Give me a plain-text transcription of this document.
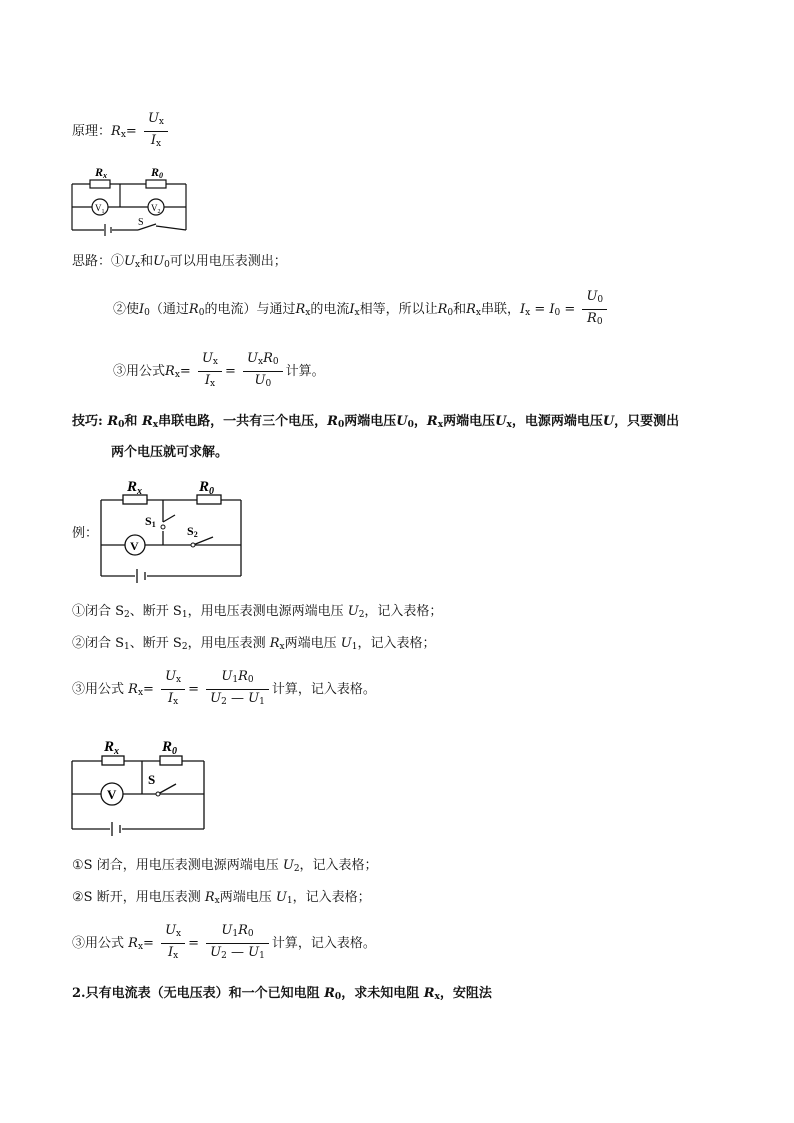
原理：$R_x= \frac{U_x}{I_x}$
Rx	R0
$V_1$	$V_2$
S
思路：$①U_x$和$U_0$可以用电压表测出；
②使$I_0$（通过$R_0$的电流）与通过$R_x$的电流$I_x$相等，所以让$R_0$和$R_x$串联，$I_x = I_0 = \frac{U_0}{R_0}$
③用公式$R_x= \frac{U_x}{I_x} = \frac{U_xR_0}{U_0}$ 计算。
技巧: $R_0$和 $R_x$串联电路，一共有三个电压，$R_0$两端电压$U_0$，$R_x$两端电压$U_x$，电源两端电压U，只要测出
两个电压就可求解。
例：
$R_x$	$R_0$
S1	S2
V
①闭合 $S_2$、断开 $S_1$，用电压表测电源两端电压 $U_2$，记入表格；
②闭合 $S_1$、断开 $S_2$，用电压表测 $R_x$两端电压 $U_1$，记入表格；
③用公式 $R_x= \frac{U_x}{I_x} = \frac{U_1R_0}{U_2 — U_1}$ 计算，记入表格。
$R_x$	$R_0$
S
V
①S 闭合，用电压表测电源两端电压 $U_2$，记入表格；
②S 断开，用电压表测 $R_x$两端电压 $U_1$，记入表格；
③用公式 $R_x= \frac{U_x}{I_x} = \frac{U_1R_0}{U_2 — U_1}$ 计算，记入表格。
2.只有电流表（无电压表）和一个已知电阻 $R_0$，求未知电阻 $R_x$，安阻法
